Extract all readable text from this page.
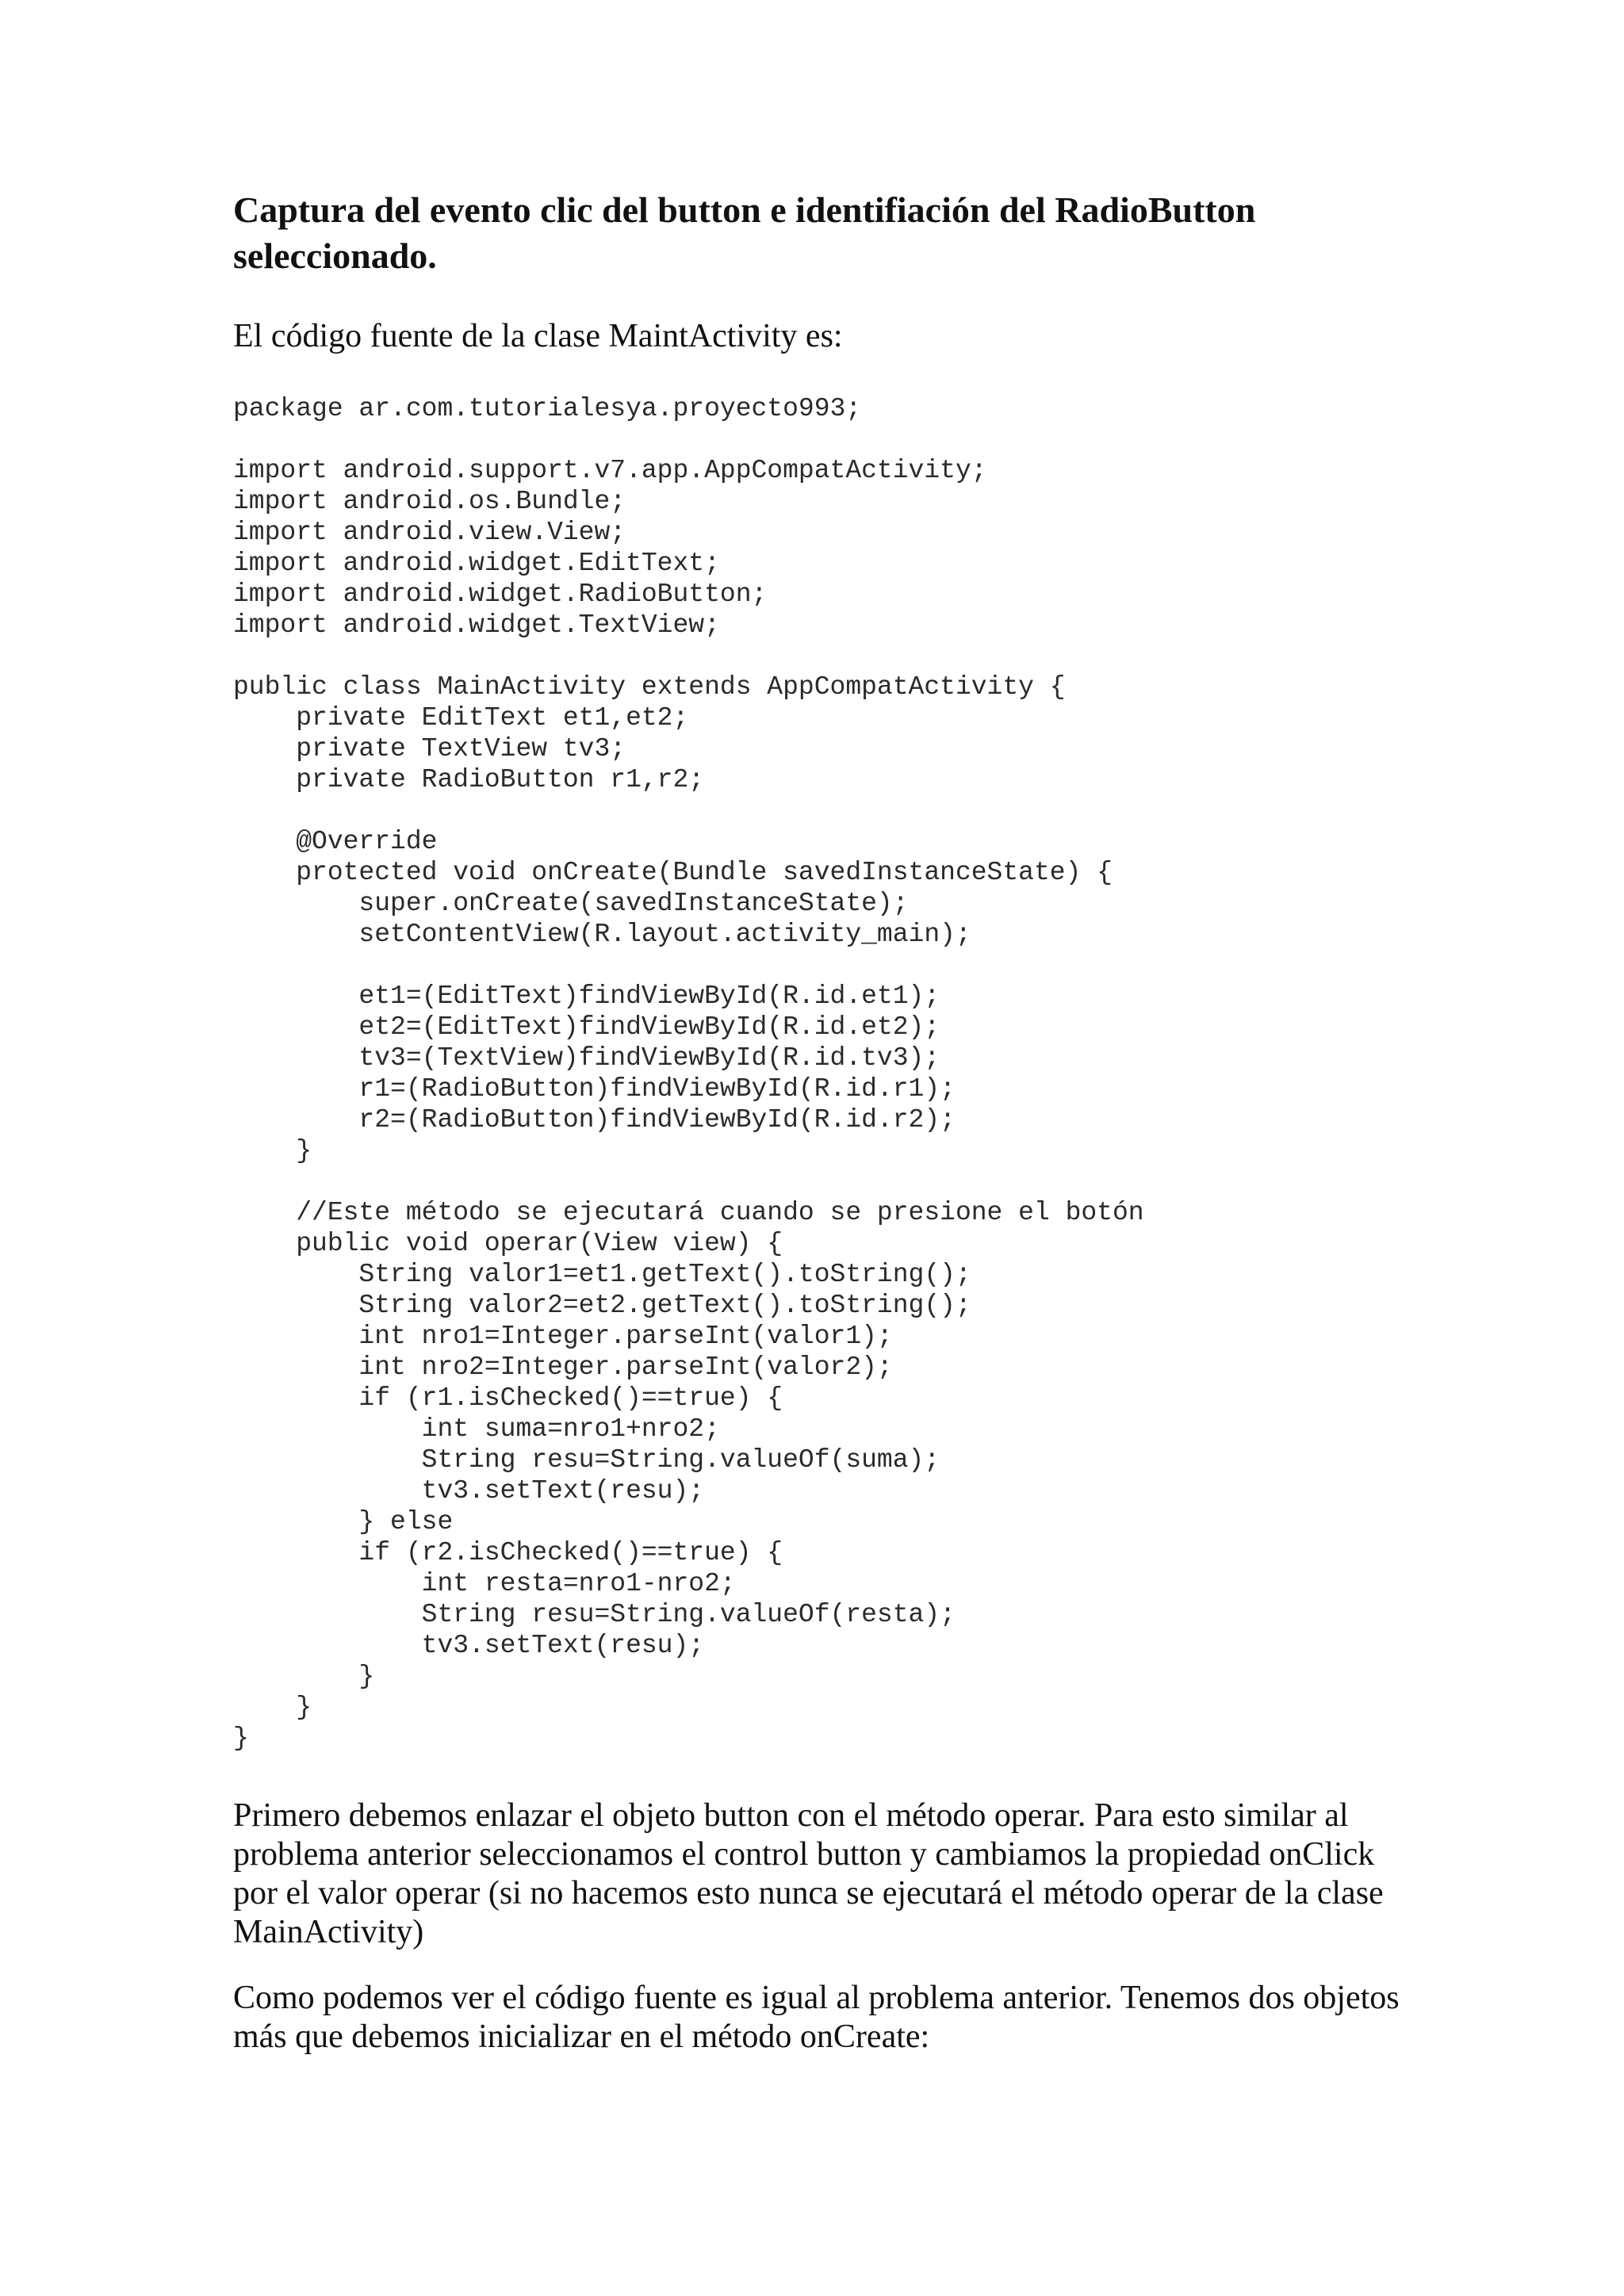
Captura del evento clic del button e identifiación del RadioButton seleccionado.

El código fuente de la clase MaintActivity es:

package ar.com.tutorialesya.proyecto993;
import android.support.v7.app.AppCompatActivity;
import android.os.Bundle;
import android.view.View;
import android.widget.EditText;
import android.widget.RadioButton;
import android.widget.TextView;
public class MainActivity extends AppCompatActivity {
private EditText et1,et2;
private TextView tv3;
private RadioButton r1,r2;
@Override
protected void onCreate(Bundle savedInstanceState) {
super.onCreate(savedInstanceState);
setContentView(R.layout.activity_main);
et1=(EditText)findViewById(R.id.et1);
et2=(EditText)findViewById(R.id.et2);
tv3=(TextView)findViewById(R.id.tv3);
r1=(RadioButton)findViewById(R.id.r1);
r2=(RadioButton)findViewById(R.id.r2);
}
//Este método se ejecutará cuando se presione el botón
public void operar(View view) {
String valor1=et1.getText().toString();
String valor2=et2.getText().toString();
int nro1=Integer.parseInt(valor1);
int nro2=Integer.parseInt(valor2);
if (r1.isChecked()==true) {
int suma=nro1+nro2;
String resu=String.valueOf(suma);
tv3.setText(resu);
} else
if (r2.isChecked()==true) {
int resta=nro1-nro2;
String resu=String.valueOf(resta);
tv3.setText(resu);
}
}
}

Primero debemos enlazar el objeto button con el método operar. Para esto similar al
problema anterior seleccionamos el control button y cambiamos la propiedad onClick
por el valor operar (si no hacemos esto nunca se ejecutará el método operar de la clase
MainActivity)

Como podemos ver el código fuente es igual al problema anterior. Tenemos dos objetos
más que debemos inicializar en el método onCreate:
